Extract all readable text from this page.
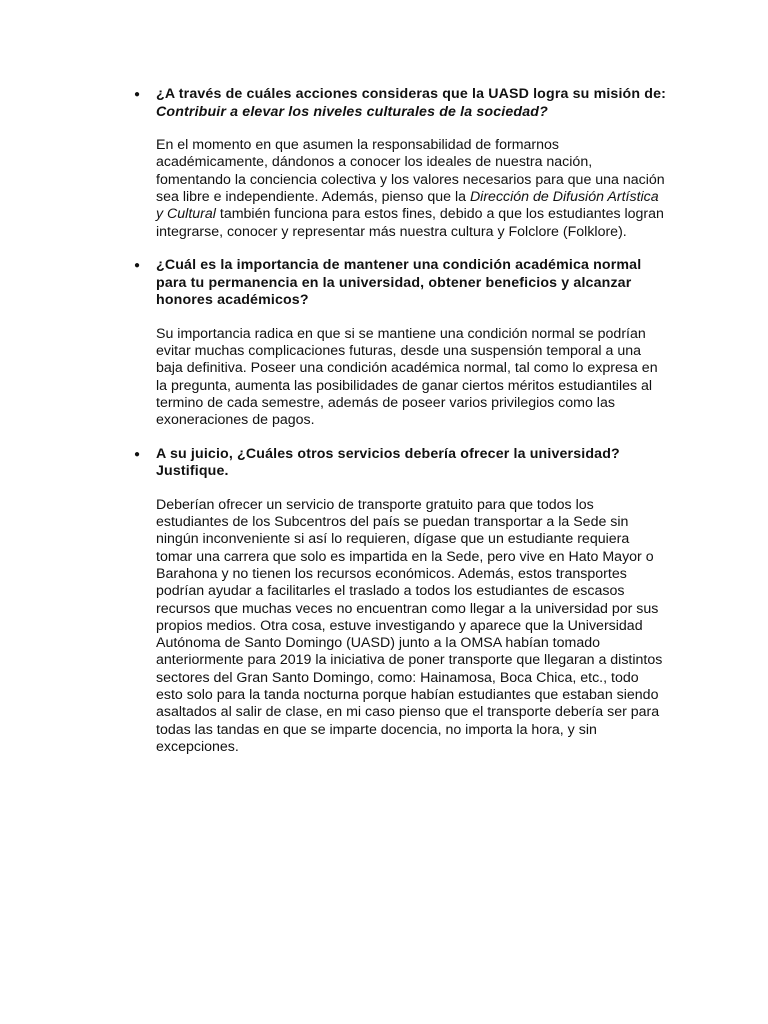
● ¿A través de cuáles acciones consideras que la UASD logra su misión de: Contribuir a elevar los niveles culturales de la sociedad?

En el momento en que asumen la responsabilidad de formarnos académicamente, dándonos a conocer los ideales de nuestra nación, fomentando la conciencia colectiva y los valores necesarios para que una nación sea libre e independiente. Además, pienso que la Dirección de Difusión Artística y Cultural también funciona para estos fines, debido a que los estudiantes logran integrarse, conocer y representar más nuestra cultura y Folclore (Folklore).

● ¿Cuál es la importancia de mantener una condición académica normal para tu permanencia en la universidad, obtener beneficios y alcanzar honores académicos?

Su importancia radica en que si se mantiene una condición normal se podrían evitar muchas complicaciones futuras, desde una suspensión temporal a una baja definitiva. Poseer una condición académica normal, tal como lo expresa en la pregunta, aumenta las posibilidades de ganar ciertos méritos estudiantiles al termino de cada semestre, además de poseer varios privilegios como las exoneraciones de pagos.

● A su juicio, ¿Cuáles otros servicios debería ofrecer la universidad? Justifique.

Deberían ofrecer un servicio de transporte gratuito para que todos los estudiantes de los Subcentros del país se puedan transportar a la Sede sin ningún inconveniente si así lo requieren, dígase que un estudiante requiera tomar una carrera que solo es impartida en la Sede, pero vive en Hato Mayor o Barahona y no tienen los recursos económicos. Además, estos transportes podrían ayudar a facilitarles el traslado a todos los estudiantes de escasos recursos que muchas veces no encuentran como llegar a la universidad por sus propios medios. Otra cosa, estuve investigando y aparece que la Universidad Autónoma de Santo Domingo (UASD) junto a la OMSA habían tomado anteriormente para 2019 la iniciativa de poner transporte que llegaran a distintos sectores del Gran Santo Domingo, como: Hainamosa, Boca Chica, etc., todo esto solo para la tanda nocturna porque habían estudiantes que estaban siendo asaltados al salir de clase, en mi caso pienso que el transporte debería ser para todas las tandas en que se imparte docencia, no importa la hora, y sin excepciones.
